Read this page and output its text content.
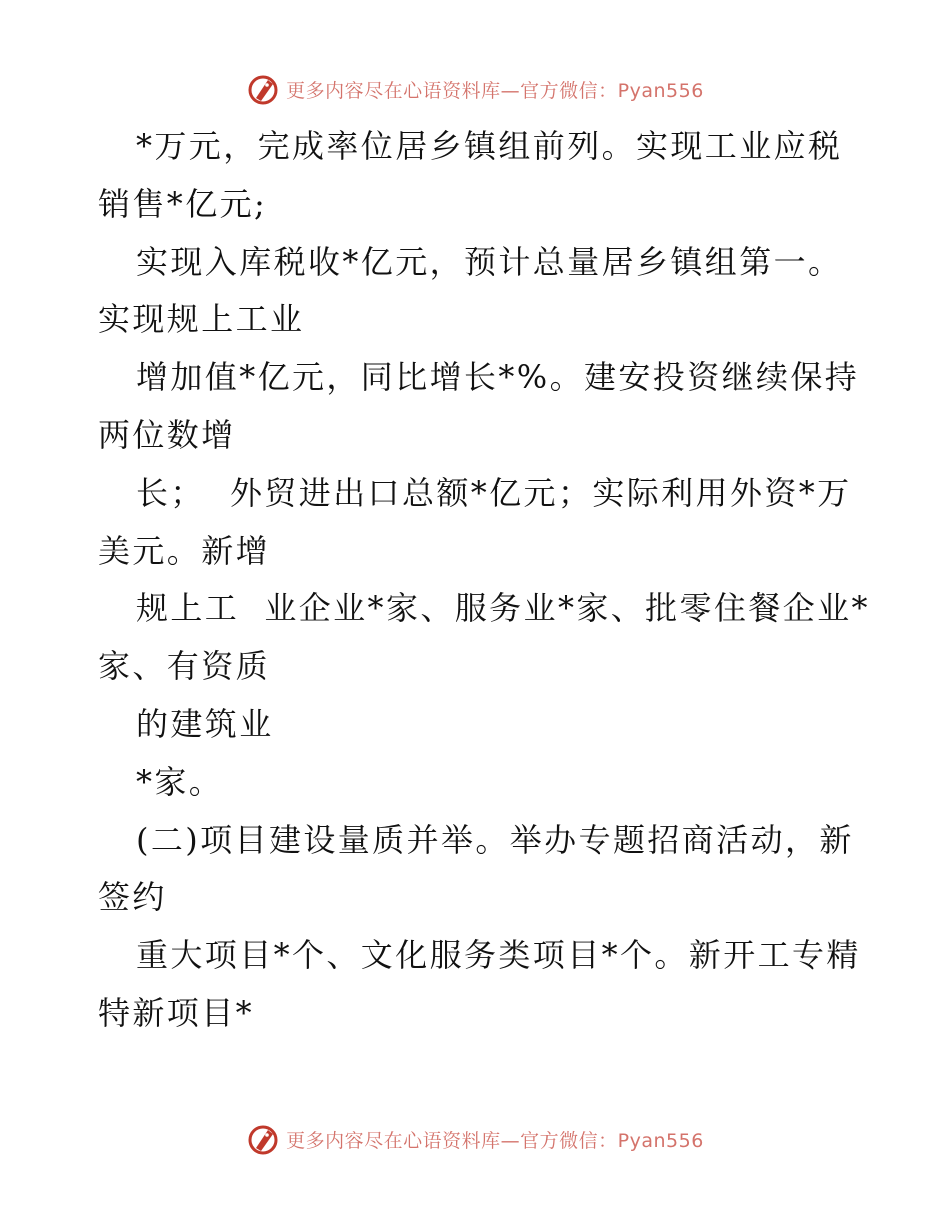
更多内容尽在心语资料库—官方微信：Pyan556
*万元，完成率位居乡镇组前列。实现工业应税
销售*亿元;
实现入库税收*亿元，预计总量居乡镇组第一。
实现规上工业
增加值*亿元，同比增长*%。建安投资继续保持
两位数增
长；  外贸进出口总额*亿元；实际利用外资*万
美元。新增
规上工  业企业*家、服务业*家、批零住餐企业*
家、有资质
的建筑业
*家。
(二)项目建设量质并举。举办专题招商活动，新
签约
重大项目*个、文化服务类项目*个。新开工专精
特新项目*
更多内容尽在心语资料库—官方微信：Pyan556
